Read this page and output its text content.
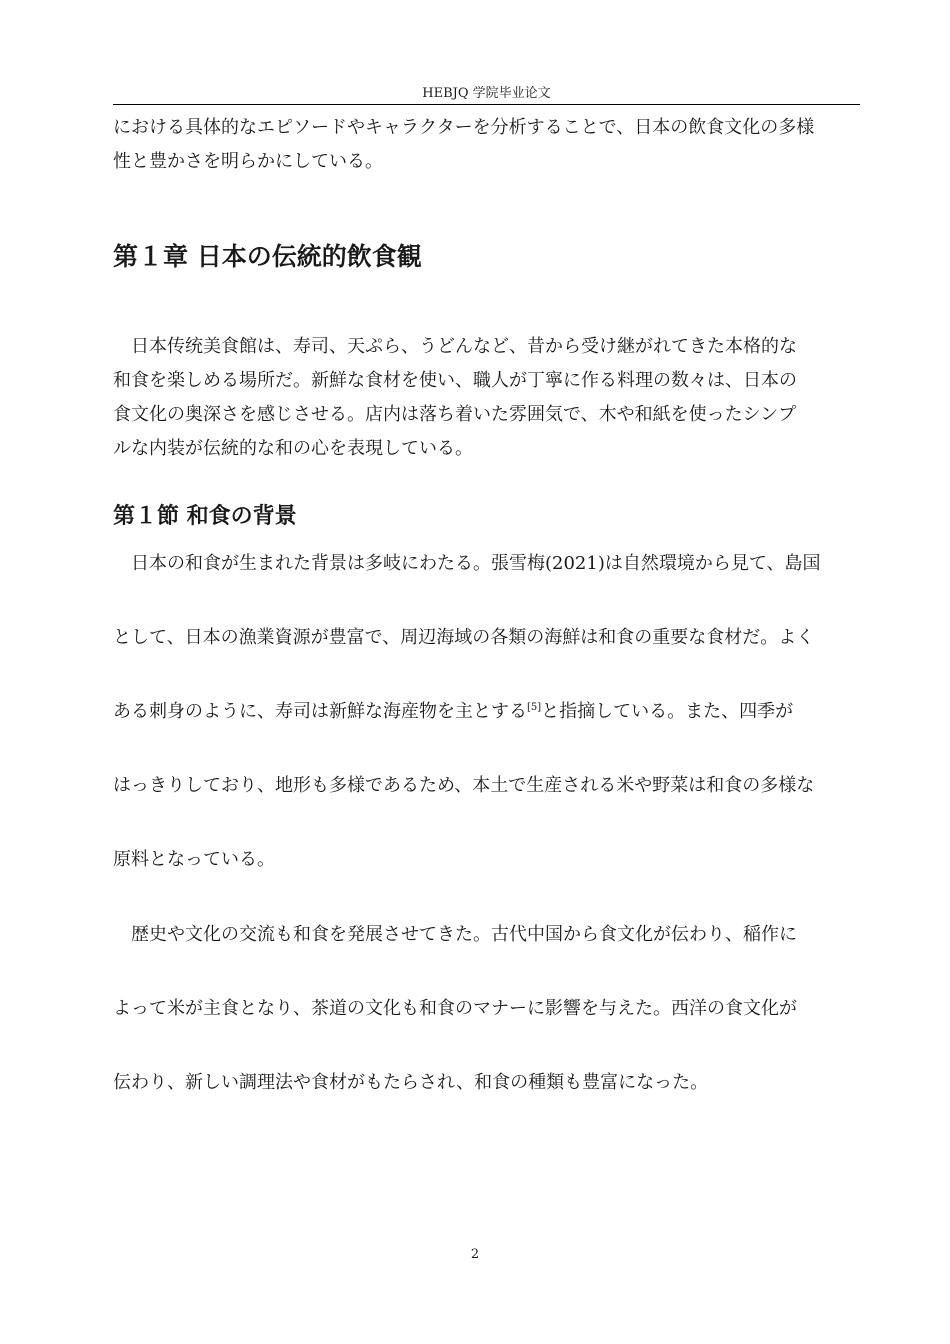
HEBJQ 学院毕业论文
における具体的なエピソードやキャラクターを分析することで、日本の飲食文化の多様
性と豊かさを明らかにしている。
第１章 日本の伝統的飲食観
　日本传统美食館は、寿司、天ぷら、うどんなど、昔から受け継がれてきた本格的な
和食を楽しめる場所だ。新鮮な食材を使い、職人が丁寧に作る料理の数々は、日本の
食文化の奥深さを感じさせる。店内は落ち着いた雰囲気で、木や和紙を使ったシンプ
ルな内装が伝統的な和の心を表現している。
第１節 和食の背景
　日本の和食が生まれた背景は多岐にわたる。張雪梅(2021)は自然環境から見て、島国
として、日本の漁業資源が豊富で、周辺海域の各類の海鮮は和食の重要な食材だ。よく
ある刺身のように、寿司は新鮮な海産物を主とする[5]と指摘している。また、四季が
はっきりしており、地形も多様であるため、本土で生産される米や野菜は和食の多様な
原料となっている。
　歴史や文化の交流も和食を発展させてきた。古代中国から食文化が伝わり、稲作に
よって米が主食となり、茶道の文化も和食のマナーに影響を与えた。西洋の食文化が
伝わり、新しい調理法や食材がもたらされ、和食の種類も豊富になった。
2
